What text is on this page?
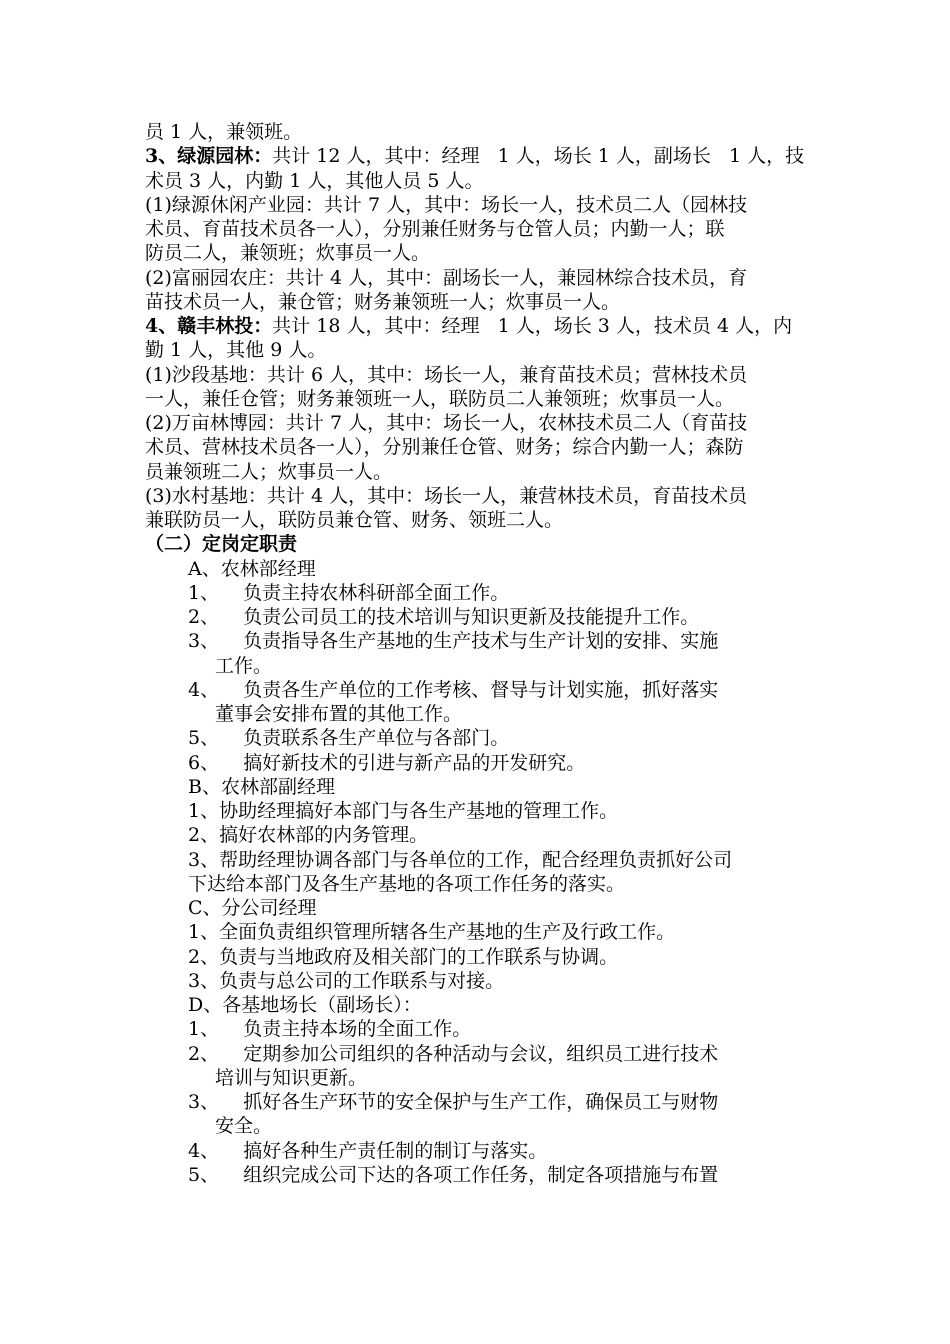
员 1 人，兼领班。
3、绿源园林：共计 12 人，其中：经理   1 人，场长 1 人，副场长   1 人，技
术员 3 人，内勤 1 人，其他人员 5 人。
(1)绿源休闲产业园：共计 7 人，其中：场长一人，技术员二人（园林技
术员、育苗技术员各一人），分别兼任财务与仓管人员；内勤一人；联
防员二人，兼领班；炊事员一人。
(2)富丽园农庄：共计 4 人，其中：副场长一人，兼园林综合技术员，育
苗技术员一人，兼仓管；财务兼领班一人；炊事员一人。
4、赣丰林投：共计 18 人，其中：经理   1 人，场长 3 人，技术员 4 人，内
勤 1 人，其他 9 人。
(1)沙段基地：共计 6 人，其中：场长一人，兼育苗技术员；营林技术员
一人，兼任仓管；财务兼领班一人，联防员二人兼领班；炊事员一人。
(2)万亩林博园：共计 7 人，其中：场长一人，农林技术员二人（育苗技
术员、营林技术员各一人），分别兼任仓管、财务；综合内勤一人；森防
员兼领班二人；炊事员一人。
(3)水村基地：共计 4 人，其中：场长一人，兼营林技术员，育苗技术员
兼联防员一人，联防员兼仓管、财务、领班二人。
（二）定岗定职责
A、农林部经理
1、    负责主持农林科研部全面工作。
2、    负责公司员工的技术培训与知识更新及技能提升工作。
3、    负责指导各生产基地的生产技术与生产计划的安排、实施
工作。
4、    负责各生产单位的工作考核、督导与计划实施，抓好落实
董事会安排布置的其他工作。
5、    负责联系各生产单位与各部门。
6、    搞好新技术的引进与新产品的开发研究。
B、农林部副经理
1、协助经理搞好本部门与各生产基地的管理工作。
2、搞好农林部的内务管理。
3、帮助经理协调各部门与各单位的工作，配合经理负责抓好公司
下达给本部门及各生产基地的各项工作任务的落实。
C、分公司经理
1、全面负责组织管理所辖各生产基地的生产及行政工作。
2、负责与当地政府及相关部门的工作联系与协调。
3、负责与总公司的工作联系与对接。
D、各基地场长（副场长）：
1、    负责主持本场的全面工作。
2、    定期参加公司组织的各种活动与会议，组织员工进行技术
培训与知识更新。
3、    抓好各生产环节的安全保护与生产工作，确保员工与财物
安全。
4、    搞好各种生产责任制的制订与落实。
5、    组织完成公司下达的各项工作任务，制定各项措施与布置
